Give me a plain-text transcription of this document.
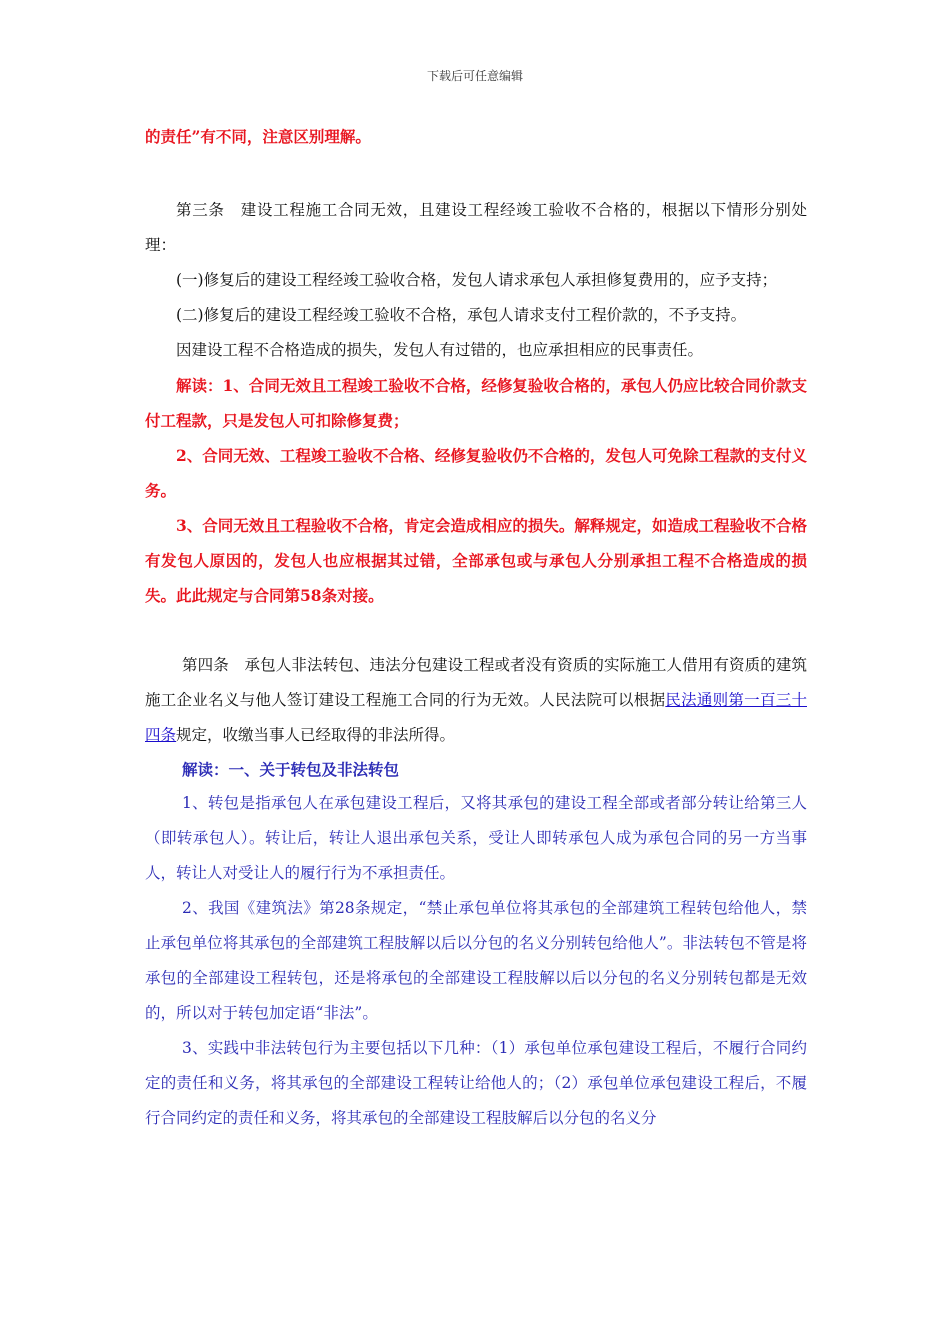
下载后可任意编辑

的责任”有不同，注意区别理解。

第三条　建设工程施工合同无效，且建设工程经竣工验收不合格的，根据以下情形分别处理：

(一)修复后的建设工程经竣工验收合格，发包人请求承包人承担修复费用的，应予支持；

(二)修复后的建设工程经竣工验收不合格，承包人请求支付工程价款的，不予支持。

因建设工程不合格造成的损失，发包人有过错的，也应承担相应的民事责任。

解读：1、合同无效且工程竣工验收不合格，经修复验收合格的，承包人仍应比较合同价款支付工程款，只是发包人可扣除修复费；

2、合同无效、工程竣工验收不合格、经修复验收仍不合格的，发包人可免除工程款的支付义务。

3、合同无效且工程验收不合格，肯定会造成相应的损失。解释规定，如造成工程验收不合格有发包人原因的，发包人也应根据其过错，全部承包或与承包人分别承担工程不合格造成的损失。此此规定与合同第58条对接。

第四条　承包人非法转包、违法分包建设工程或者没有资质的实际施工人借用有资质的建筑施工企业名义与他人签订建设工程施工合同的行为无效。人民法院可以根据民法通则第一百三十四条规定，收缴当事人已经取得的非法所得。

解读：一、关于转包及非法转包

1、转包是指承包人在承包建设工程后，又将其承包的建设工程全部或者部分转让给第三人（即转承包人）。转让后，转让人退出承包关系，受让人即转承包人成为承包合同的另一方当事人，转让人对受让人的履行行为不承担责任。

2、我国《建筑法》第28条规定，“禁止承包单位将其承包的全部建筑工程转包给他人，禁止承包单位将其承包的全部建筑工程肢解以后以分包的名义分别转包给他人”。非法转包不管是将承包的全部建设工程转包，还是将承包的全部建设工程肢解以后以分包的名义分别转包都是无效的，所以对于转包加定语“非法”。

3、实践中非法转包行为主要包括以下几种：（1）承包单位承包建设工程后，不履行合同约定的责任和义务，将其承包的全部建设工程转让给他人的；（2）承包单位承包建设工程后，不履行合同约定的责任和义务，将其承包的全部建设工程肢解后以分包的名义分
